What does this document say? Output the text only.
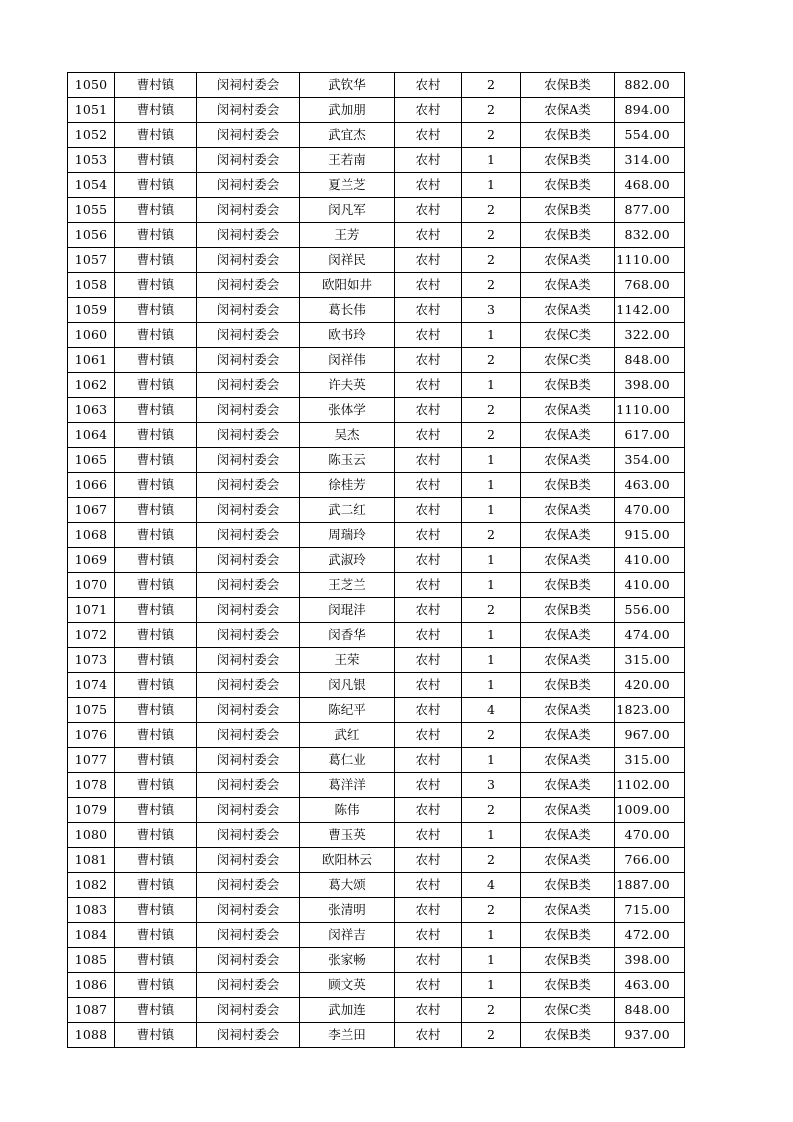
1050	曹村镇	闵祠村委会	武钦华	农村	2	农保B类	882.00
1051	曹村镇	闵祠村委会	武加朋	农村	2	农保A类	894.00
1052	曹村镇	闵祠村委会	武宜杰	农村	2	农保B类	554.00
1053	曹村镇	闵祠村委会	王若南	农村	1	农保B类	314.00
1054	曹村镇	闵祠村委会	夏兰芝	农村	1	农保B类	468.00
1055	曹村镇	闵祠村委会	闵凡军	农村	2	农保B类	877.00
1056	曹村镇	闵祠村委会	王芳	农村	2	农保B类	832.00
1057	曹村镇	闵祠村委会	闵祥民	农村	2	农保A类	1110.00
1058	曹村镇	闵祠村委会	欧阳如井	农村	2	农保A类	768.00
1059	曹村镇	闵祠村委会	葛长伟	农村	3	农保A类	1142.00
1060	曹村镇	闵祠村委会	欧书玲	农村	1	农保C类	322.00
1061	曹村镇	闵祠村委会	闵祥伟	农村	2	农保C类	848.00
1062	曹村镇	闵祠村委会	许夫英	农村	1	农保B类	398.00
1063	曹村镇	闵祠村委会	张体学	农村	2	农保A类	1110.00
1064	曹村镇	闵祠村委会	吴杰	农村	2	农保A类	617.00
1065	曹村镇	闵祠村委会	陈玉云	农村	1	农保A类	354.00
1066	曹村镇	闵祠村委会	徐桂芳	农村	1	农保B类	463.00
1067	曹村镇	闵祠村委会	武二红	农村	1	农保A类	470.00
1068	曹村镇	闵祠村委会	周瑞玲	农村	2	农保A类	915.00
1069	曹村镇	闵祠村委会	武淑玲	农村	1	农保A类	410.00
1070	曹村镇	闵祠村委会	王芝兰	农村	1	农保B类	410.00
1071	曹村镇	闵祠村委会	闵琨沣	农村	2	农保B类	556.00
1072	曹村镇	闵祠村委会	闵香华	农村	1	农保A类	474.00
1073	曹村镇	闵祠村委会	王荣	农村	1	农保A类	315.00
1074	曹村镇	闵祠村委会	闵凡银	农村	1	农保B类	420.00
1075	曹村镇	闵祠村委会	陈纪平	农村	4	农保A类	1823.00
1076	曹村镇	闵祠村委会	武红	农村	2	农保A类	967.00
1077	曹村镇	闵祠村委会	葛仁业	农村	1	农保A类	315.00
1078	曹村镇	闵祠村委会	葛洋洋	农村	3	农保A类	1102.00
1079	曹村镇	闵祠村委会	陈伟	农村	2	农保A类	1009.00
1080	曹村镇	闵祠村委会	曹玉英	农村	1	农保A类	470.00
1081	曹村镇	闵祠村委会	欧阳林云	农村	2	农保A类	766.00
1082	曹村镇	闵祠村委会	葛大颂	农村	4	农保B类	1887.00
1083	曹村镇	闵祠村委会	张清明	农村	2	农保A类	715.00
1084	曹村镇	闵祠村委会	闵祥吉	农村	1	农保B类	472.00
1085	曹村镇	闵祠村委会	张家畅	农村	1	农保B类	398.00
1086	曹村镇	闵祠村委会	顾文英	农村	1	农保B类	463.00
1087	曹村镇	闵祠村委会	武加连	农村	2	农保C类	848.00
1088	曹村镇	闵祠村委会	李兰田	农村	2	农保B类	937.00
